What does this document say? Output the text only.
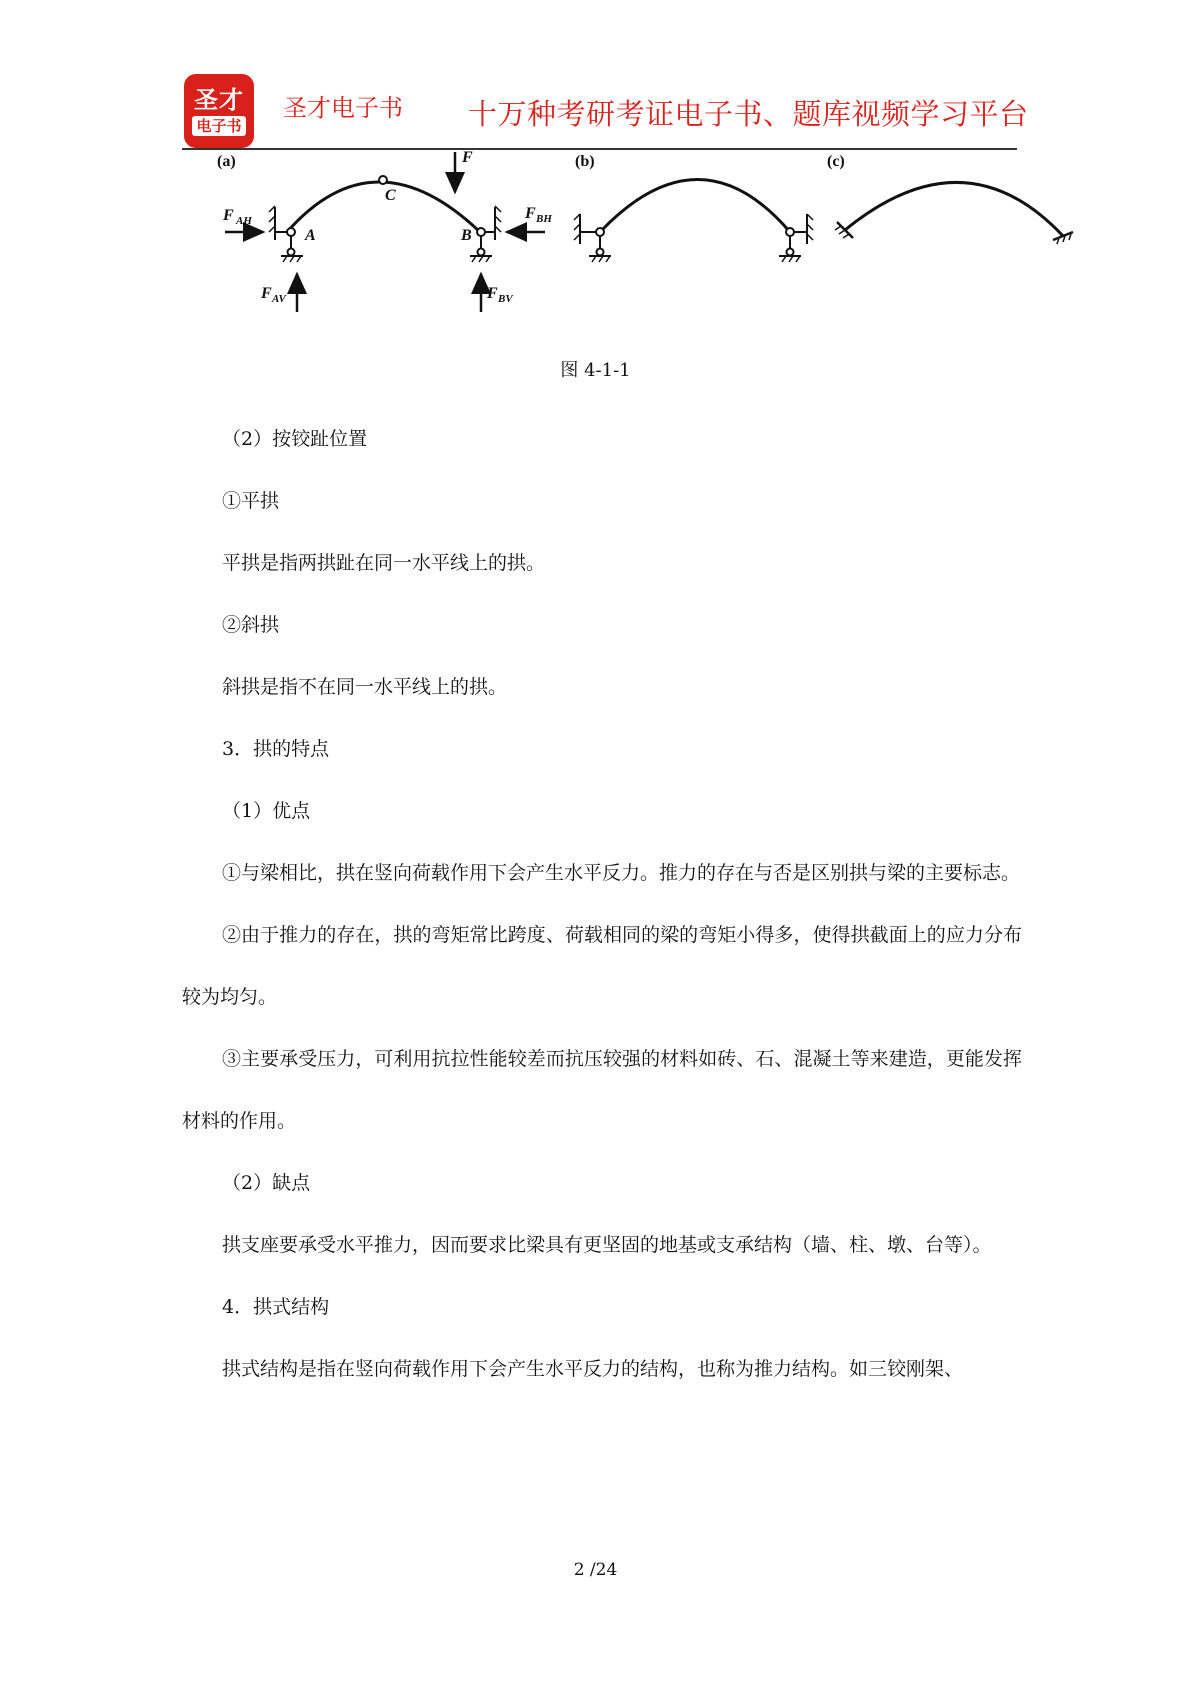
圣才
电子书
圣才电子书 十万种考研考证电子书、题库视频学习平台
(a)
C
F
A
F AH
F AV
B
F BH
F BV
(b)	(c)
图 4-1-1

（2）按铰趾位置

①平拱

平拱是指两拱趾在同一水平线上的拱。

②斜拱

斜拱是指不在同一水平线上的拱。

3．拱的特点

（1）优点

①与梁相比，拱在竖向荷载作用下会产生水平反力。推力的存在与否是区别拱与梁的主要标志。

②由于推力的存在，拱的弯矩常比跨度、荷载相同的梁的弯矩小得多，使得拱截面上的应力分布较为均匀。

③主要承受压力，可利用抗拉性能较差而抗压较强的材料如砖、石、混凝土等来建造，更能发挥材料的作用。

（2）缺点

拱支座要承受水平推力，因而要求比梁具有更坚固的地基或支承结构（墙、柱、墩、台等）。

4．拱式结构

拱式结构是指在竖向荷载作用下会产生水平反力的结构，也称为推力结构。如三铰刚架、

2 /24
